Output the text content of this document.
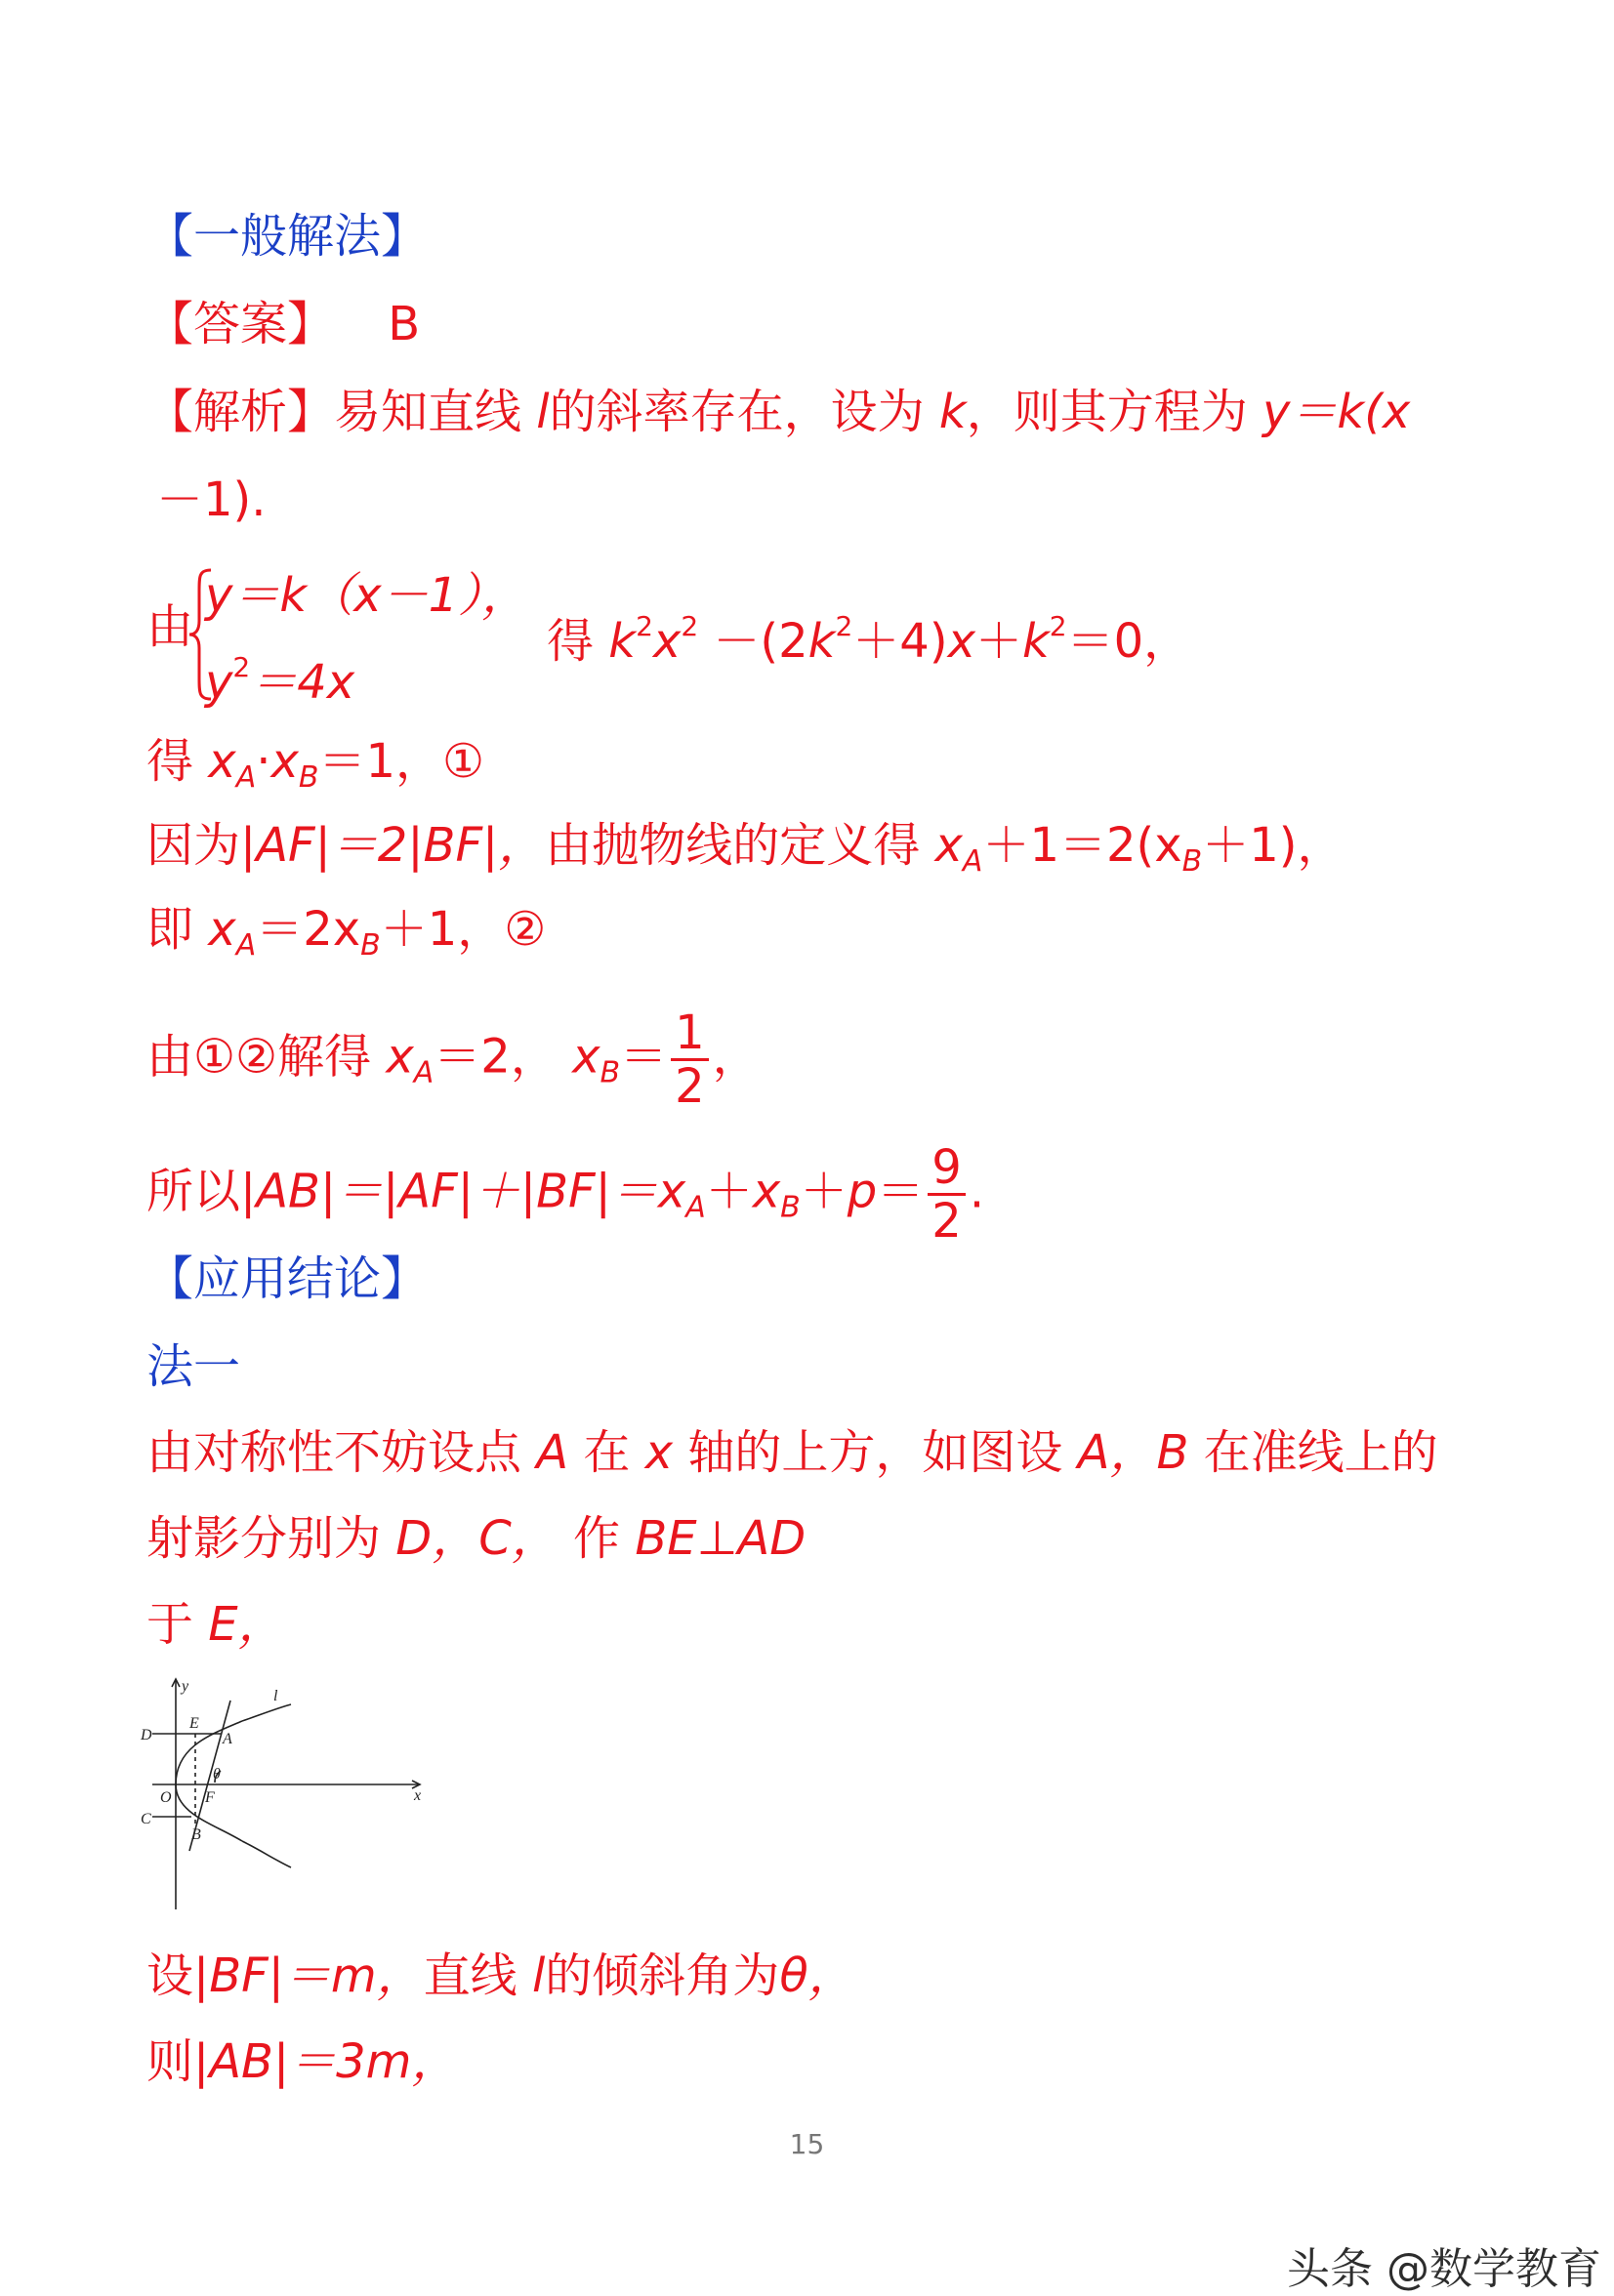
【一般解法】
【答案】 B
【解析】易知直线 l的斜率存在，设为 k，则其方程为 y＝k(x
－1).
由
y＝k（x－1），
$y^2=4x$
得 $k^2x^2 -(2k^2+4)x+k^2=0$，
得 $x_A\cdot x_B=1$，①
因为|AF|＝2|BF|，由抛物线的定义得 $x_A+1=2(x_B+1)$，
即 $x_A=2x_B+1$，②
由①②解得 $x_A=2$， $x_B= \frac{1}{2}$ ，
所以$|AB|=|AF|+|BF|=x_A+x_B+p= \frac{9}{2}$ .
【应用结论】
法一
由对称性不妨设点 A 在 x 轴的上方，如图设 A，B 在准线上的
射影分别为 D，C， 作 BE⊥AD
于 E，
y
x
l
D
E
A
θ
O F
C
B
设|BF|＝m，直线 l的倾斜角为θ，
则|AB|＝3m，
15
头条 @数学教育
